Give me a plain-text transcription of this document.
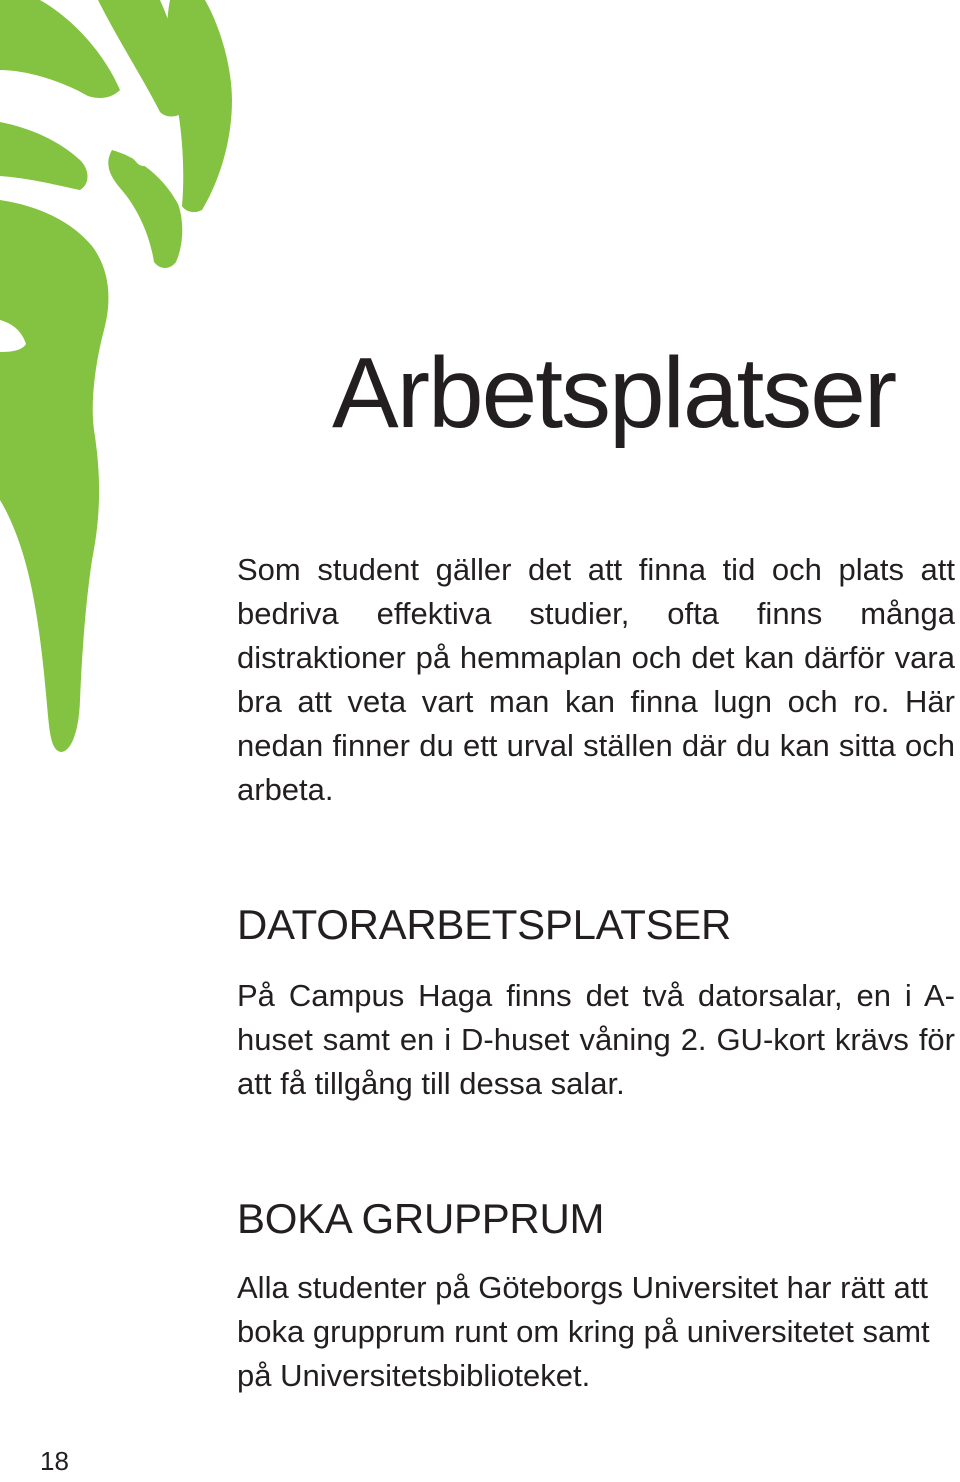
Arbetsplatser

Som student gäller det att finna tid och plats att bedriva effektiva studier, ofta finns många distraktioner på hemmaplan och det kan därför vara bra att veta vart man kan finna lugn och ro. Här nedan finner du ett urval ställen där du kan sitta och arbeta.

DATORARBETSPLATSER

På Campus Haga finns det två datorsalar, en i A-huset samt en i D-huset våning 2. GU-kort krävs för att få tillgång till dessa salar.

BOKA GRUPPRUM

Alla studenter på Göteborgs Universitet har rätt att boka grupprum runt om kring på universitetet samt på Universitetsbiblioteket.

18
